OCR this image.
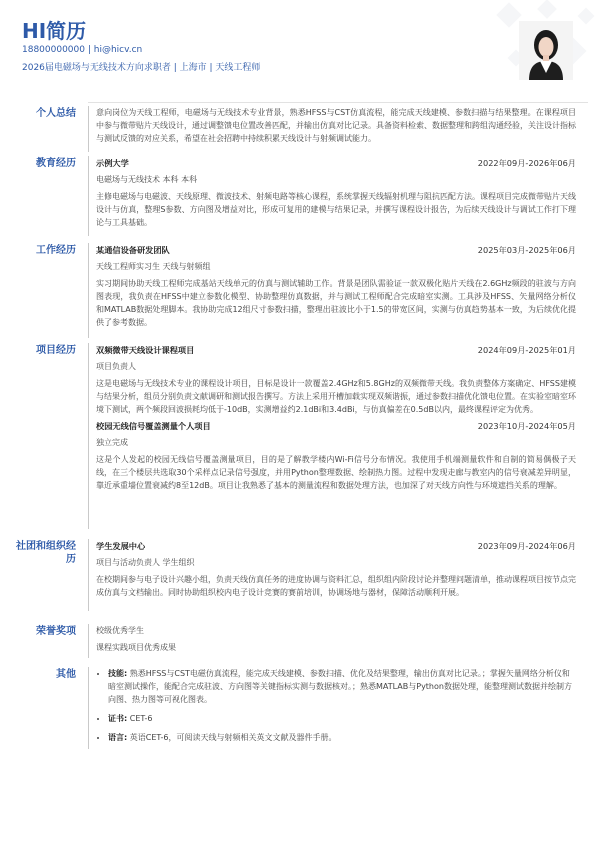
HI简历
18800000000 | hi@hicv.cn
2026届电磁场与无线技术方向求职者 | 上海市 | 天线工程师
个人总结	意向岗位为天线工程师，电磁场与无线技术专业背景，熟悉HFSS与CST仿真流程，能完成天线建模、参数扫描与结果整理。在课程项目中参与微带贴片天线设计，通过调整馈电位置改善匹配，并输出仿真对比记录。具备资料检索、数据整理和跨组沟通经验，关注设计指标与测试反馈的对应关系，希望在社会招聘中持续积累天线设计与射频调试能力。
教育经历 示例大学	2022年09月-2026年06月
电磁场与无线技术 本科 本科
主修电磁场与电磁波、天线原理、微波技术、射频电路等核心课程，系统掌握天线辐射机理与阻抗匹配方法。课程项目完成微带贴片天线设计与仿真，整理S参数、方向图及增益对比，形成可复用的建模与结果记录，并撰写课程设计报告，为后续天线设计与调试工作打下理论与工具基础。
工作经历 某通信设备研发团队	2025年03月-2025年06月
天线工程师实习生 天线与射频组
实习期间协助天线工程师完成基站天线单元的仿真与测试辅助工作。背景是团队需验证一款双极化贴片天线在2.6GHz频段的驻波与方向图表现，我负责在HFSS中建立参数化模型、协助整理仿真数据，并与测试工程师配合完成暗室实测。工具涉及HFSS、矢量网络分析仪和MATLAB数据处理脚本。我协助完成12组尺寸参数扫描，整理出驻波比小于1.5的带宽区间，实测与仿真趋势基本一致，为后续优化提供了参考数据。
项目经历 双频微带天线设计课程项目	2024年09月-2025年01月
项目负责人
这是电磁场与无线技术专业的课程设计项目，目标是设计一款覆盖2.4GHz和5.8GHz的双频微带天线。我负责整体方案确定、HFSS建模与结果分析，组员分别负责文献调研和测试报告撰写。方法上采用开槽加载实现双频谐振，通过参数扫描优化馈电位置。在实验室暗室环境下测试，两个频段回波损耗均低于-10dB，实测增益约2.1dBi和3.4dBi，与仿真偏差在0.5dB以内，最终课程评定为优秀。
校园无线信号覆盖测量个人项目	2023年10月-2024年05月
独立完成
这是个人发起的校园无线信号覆盖测量项目，目的是了解教学楼内Wi-Fi信号分布情况。我使用手机端测量软件和自制的简易偶极子天线，在三个楼层共选取30个采样点记录信号强度，并用Python整理数据、绘制热力图。过程中发现走廊与教室内的信号衰减差异明显，靠近承重墙位置衰减约8至12dB。项目让我熟悉了基本的测量流程和数据处理方法，也加深了对天线方向性与环境遮挡关系的理解。
社团和组织经历
学生发展中心	2023年09月-2024年06月
项目与活动负责人 学生组织
在校期间参与电子设计兴趣小组，负责天线仿真任务的进度协调与资料汇总，组织组内阶段讨论并整理问题清单，推动课程项目按节点完成仿真与文档输出。同时协助组织校内电子设计竞赛的赛前培训，协调场地与器材，保障活动顺利开展。
荣誉奖项	校级优秀学生
课程实践项目优秀成果
其他
•	技能: 熟悉HFSS与CST电磁仿真流程，能完成天线建模、参数扫描、优化及结果整理，输出仿真对比记录。；掌握矢量网络分析仪和暗室测试操作，能配合完成驻波、方向图等关键指标实测与数据核对。；熟悉MATLAB与Python数据处理，能整理测试数据并绘制方向图、热力图等可视化图表。
• 证书: CET-6
• 语言: 英语CET-6，可阅读天线与射频相关英文文献及器件手册。
